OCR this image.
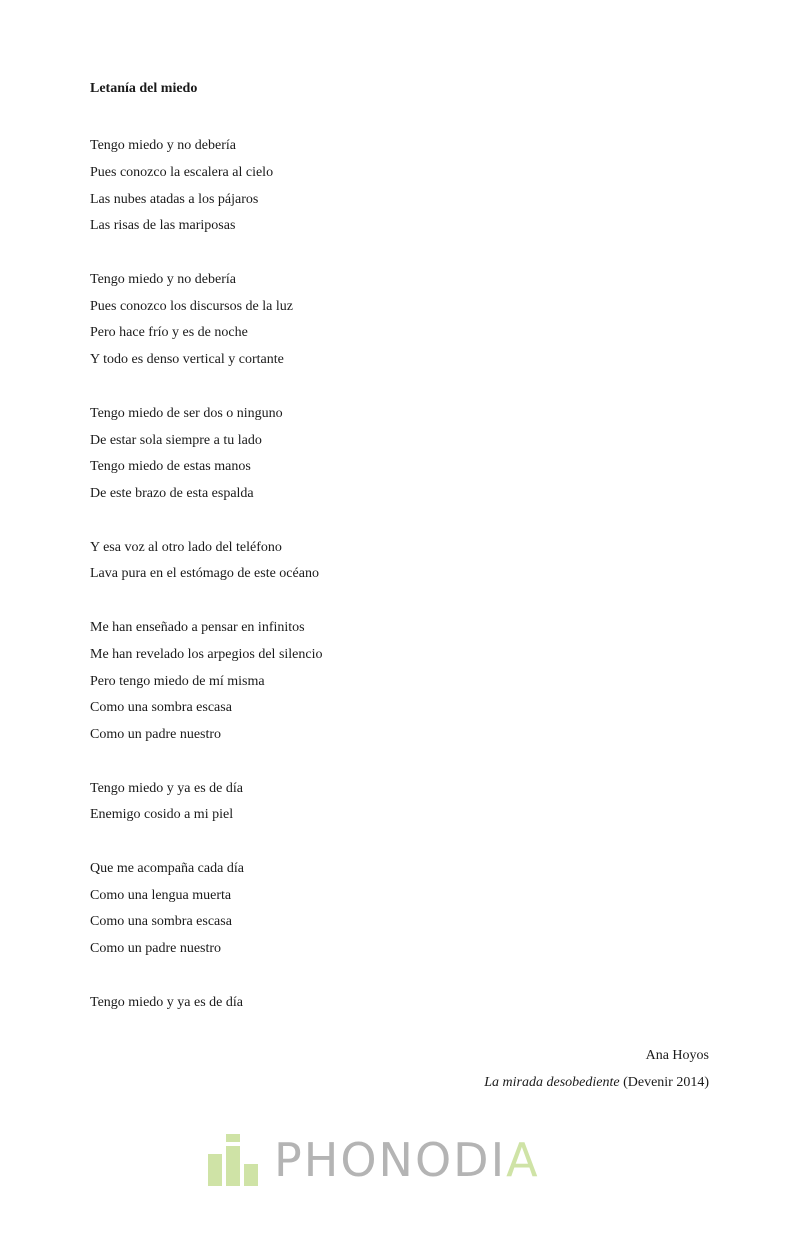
Letanía del miedo
Tengo miedo y no debería
Pues conozco la escalera al cielo
Las nubes atadas a los pájaros
Las risas de las mariposas
Tengo miedo y no debería
Pues conozco los discursos de la luz
Pero hace frío y es de noche
Y todo es denso vertical y cortante
Tengo miedo de ser dos o ninguno
De estar sola siempre a tu lado
Tengo miedo de estas manos
De este brazo de esta espalda
Y esa voz al otro lado del teléfono
Lava pura en el estómago de este océano
Me han enseñado a pensar en infinitos
Me han revelado los arpegios del silencio
Pero tengo miedo de mí misma
Como una sombra escasa
Como un padre nuestro
Tengo miedo y ya es de día
Enemigo cosido a mi piel
Que me acompaña cada día
Como una lengua muerta
Como una sombra escasa
Como un padre nuestro
Tengo miedo y ya es de día
Ana Hoyos
La mirada desobediente (Devenir 2014)
PHONODIA
